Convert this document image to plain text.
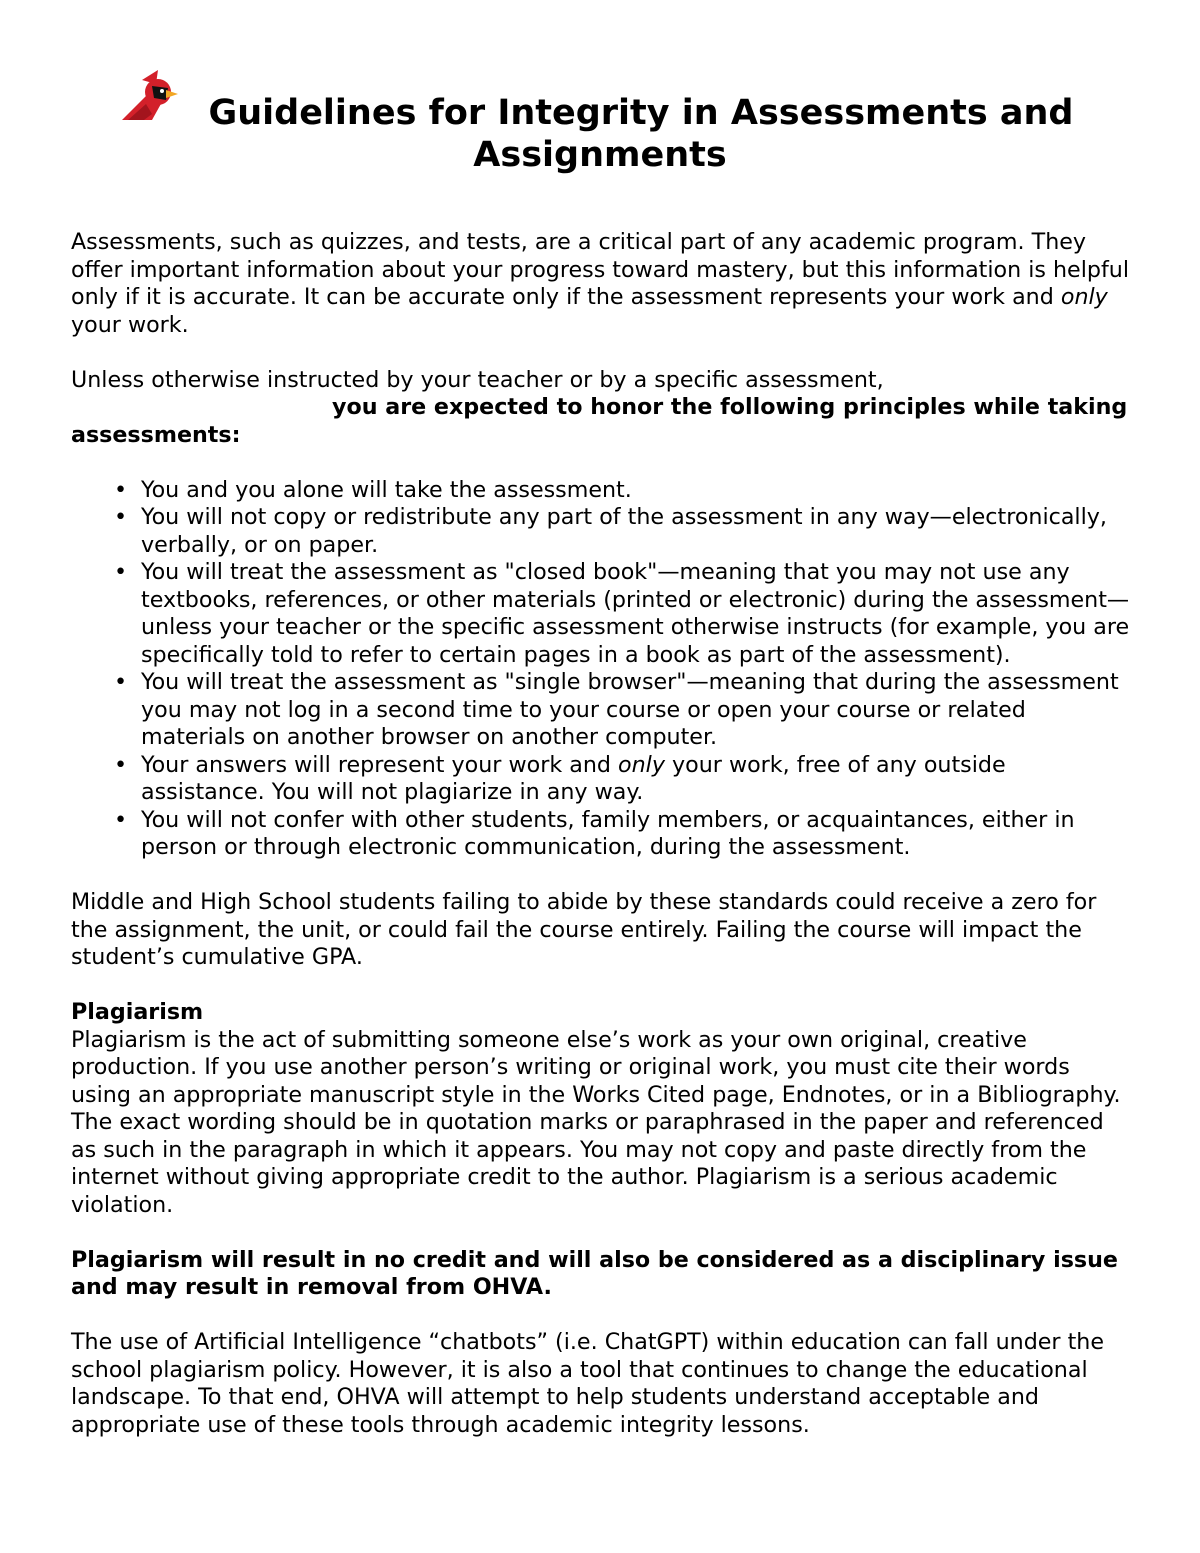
Guidelines for Integrity in Assessments and
Assignments

Assessments, such as quizzes, and tests, are a critical part of any academic program. They offer important information about your progress toward mastery, but this information is helpful only if it is accurate. It can be accurate only if the assessment represents your work and only your work.

Unless otherwise instructed by your teacher or by a specific assessment,
you are expected to honor the following principles while taking assessments:

• You and you alone will take the assessment.
• You will not copy or redistribute any part of the assessment in any way—electronically, verbally, or on paper.
• You will treat the assessment as "closed book"—meaning that you may not use any textbooks, references, or other materials (printed or electronic) during the assessment—unless your teacher or the specific assessment otherwise instructs (for example, you are specifically told to refer to certain pages in a book as part of the assessment).
• You will treat the assessment as "single browser"—meaning that during the assessment you may not log in a second time to your course or open your course or related materials on another browser on another computer.
• Your answers will represent your work and only your work, free of any outside assistance. You will not plagiarize in any way.
• You will not confer with other students, family members, or acquaintances, either in person or through electronic communication, during the assessment.

Middle and High School students failing to abide by these standards could receive a zero for the assignment, the unit, or could fail the course entirely. Failing the course will impact the student’s cumulative GPA.

Plagiarism
Plagiarism is the act of submitting someone else’s work as your own original, creative production. If you use another person’s writing or original work, you must cite their words using an appropriate manuscript style in the Works Cited page, Endnotes, or in a Bibliography. The exact wording should be in quotation marks or paraphrased in the paper and referenced as such in the paragraph in which it appears. You may not copy and paste directly from the internet without giving appropriate credit to the author. Plagiarism is a serious academic violation.

Plagiarism will result in no credit and will also be considered as a disciplinary issue and may result in removal from OHVA.

The use of Artificial Intelligence “chatbots” (i.e. ChatGPT) within education can fall under the school plagiarism policy. However, it is also a tool that continues to change the educational landscape. To that end, OHVA will attempt to help students understand acceptable and appropriate use of these tools through academic integrity lessons.
